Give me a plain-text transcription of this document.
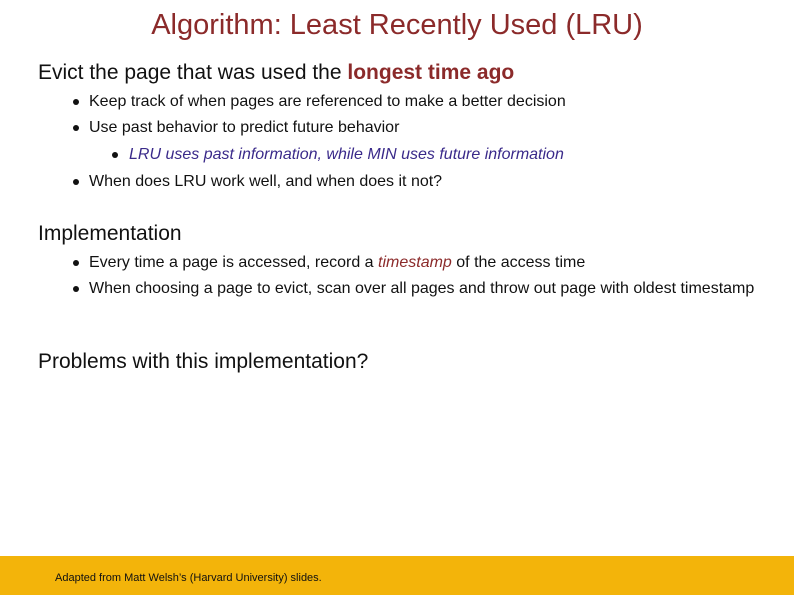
Algorithm: Least Recently Used (LRU)
Evict the page that was used the longest time ago
Keep track of when pages are referenced to make a better decision
Use past behavior to predict future behavior
LRU uses past information, while MIN uses future information
When does LRU work well, and when does it not?
Implementation
Every time a page is accessed, record a timestamp of the access time
When choosing a page to evict, scan over all pages and throw out page with oldest timestamp
Problems with this implementation?
Adapted from Matt Welsh’s (Harvard University) slides.
